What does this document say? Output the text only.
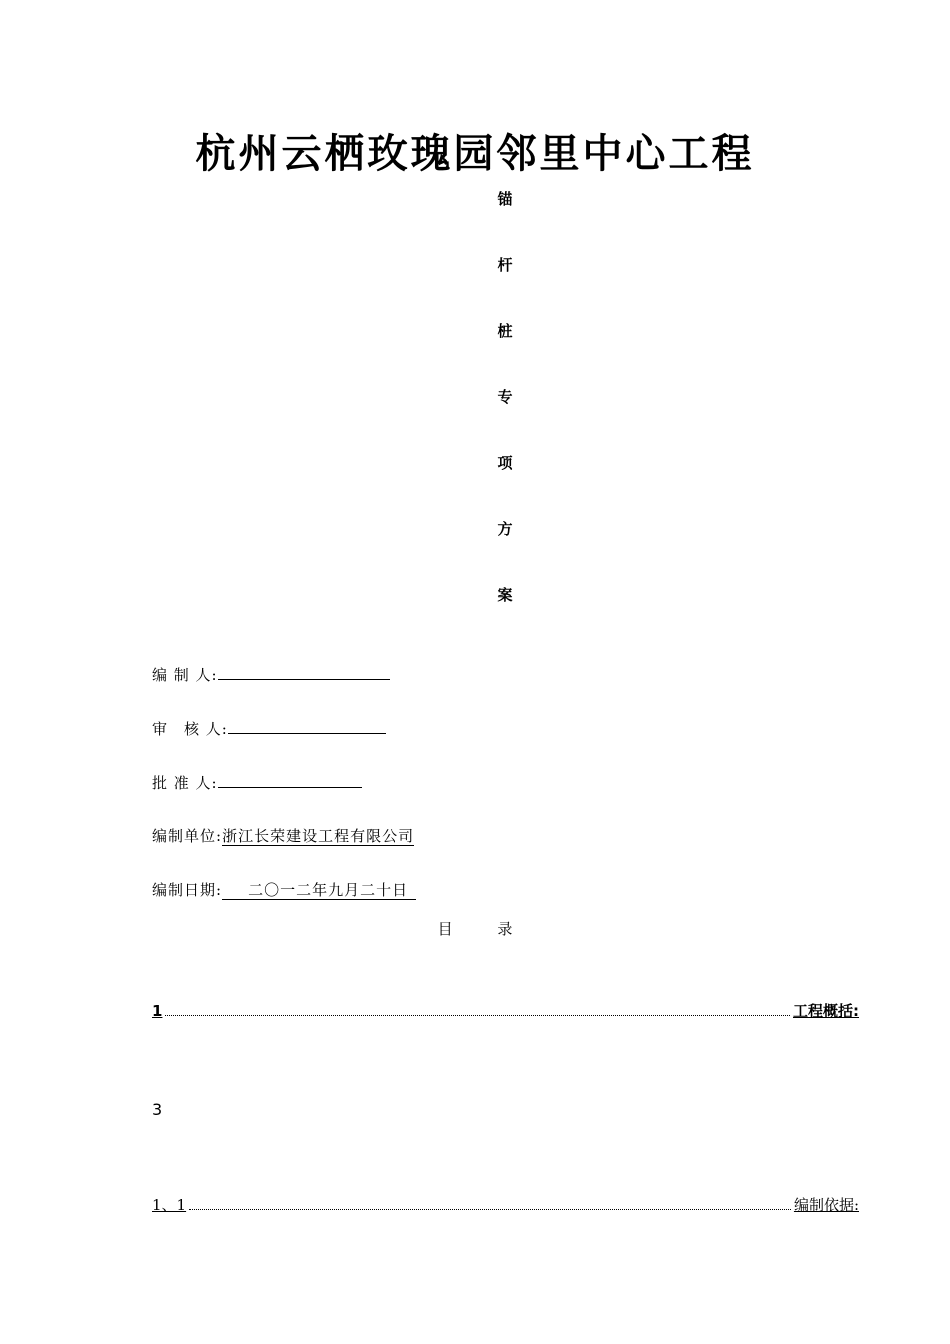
杭州云栖玫瑰园邻里中心工程
锚
杆
桩
专
项
方
案
编 制 人:
审　核 人:
批 准 人:
编制单位:浙江长荣建设工程有限公司
编制日期: 二〇一二年九月二十日
目 录
1	工程概括:
3
1、1	编制依据:
